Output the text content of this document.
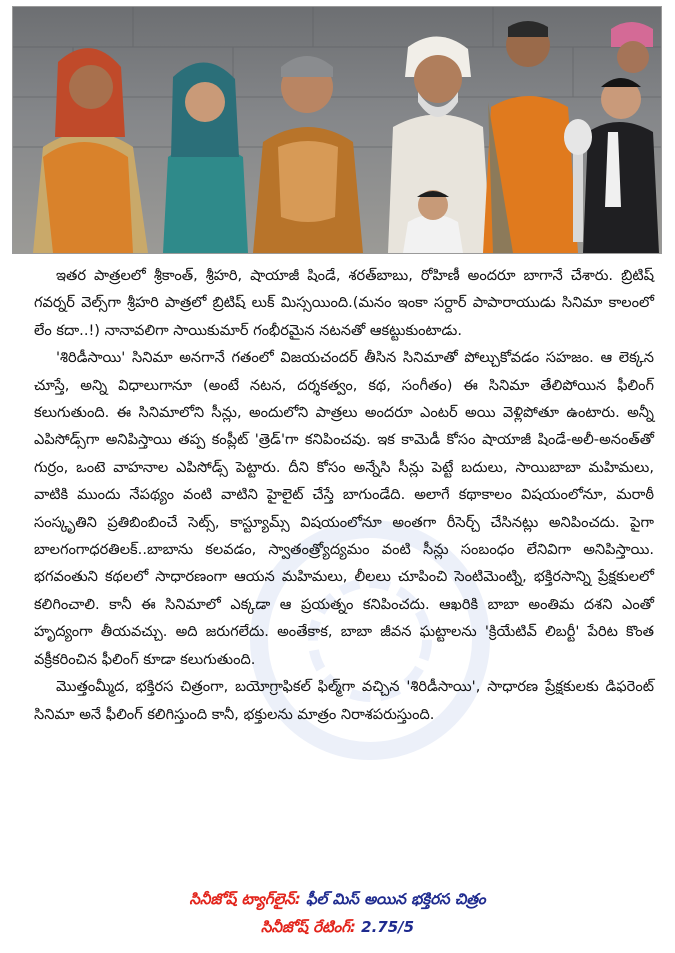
ఇతర పాత్రలలో శ్రీకాంత్, శ్రీహరి, షాయాజీ షిండే, శరత్‌బాబు, రోహిణీ అందరూ బాగానే చేశారు. బ్రిటిష్ గవర్నర్ వెల్స్‌గా శ్రీహరి పాత్రలో బ్రిటిష్ లుక్ మిస్సయింది.(మనం ఇంకా సర్దార్ పాపారాయుడు సినిమా కాలంలో లేం కదా..!) నానావలిగా సాయికుమార్ గంభీరమైన నటనతో ఆకట్టుకుంటాడు.

'శిరిడీసాయి' సినిమా అనగానే గతంలో విజయచందర్ తీసిన సినిమాతో పోల్చుకోవడం సహజం. ఆ లెక్కన చూస్తే, అన్ని విధాలుగానూ (అంటే నటన, దర్శకత్వం, కథ, సంగీతం) ఈ సినిమా తేలిపోయిన ఫీలింగ్ కలుగుతుంది. ఈ సినిమాలోని సీన్లు, అందులోని పాత్రలు అందరూ ఎంటర్ అయి వెళ్లిపోతూ ఉంటారు. అన్నీ ఎపిసోడ్స్‌గా అనిపిస్తాయి తప్ప కంప్లీట్ 'త్రెడ్'గా కనిపించవు. ఇక కామెడీ కోసం షాయాజీ షిండే-అలీ-అనంత్‌తో గుర్రం, ఒంటె వాహనాల ఎపిసోడ్స్ పెట్టారు. దీని కోసం అన్నేసి సీన్లు పెట్టే బదులు, సాయిబాబా మహిమలు, వాటికి ముందు నేపథ్యం వంటి వాటిని హైలైట్ చేస్తే బాగుండేది. అలాగే కథాకాలం విషయంలోనూ, మరాఠీ సంస్కృతిని ప్రతిబింబించే సెట్స్, కాస్ట్యూమ్స్ విషయంలోనూ అంతగా రీసెర్చ్ చేసినట్లు అనిపించదు. పైగా బాలగంగాధరతిలక్..బాబాను కలవడం, స్వాతంత్ర్యోద్యమం వంటి సీన్లు సంబంధం లేనివిగా అనిపిస్తాయి. భగవంతుని కథలలో సాధారణంగా ఆయన మహిమలు, లీలలు చూపించి సెంటిమెంట్ని, భక్తిరసాన్ని ప్రేక్షకులలో కలిగించాలి. కానీ ఈ సినిమాలో ఎక్కడా ఆ ప్రయత్నం కనిపించదు. ఆఖరికి బాబా అంతిమ దశని ఎంతో హృద్యంగా తీయవచ్చు. అది జరుగలేదు. అంతేకాక, బాబా జీవన ఘట్టాలను 'క్రియేటివ్ లిబర్టీ' పేరిట కొంత వక్రీకరించిన ఫీలింగ్ కూడా కలుగుతుంది.

మొత్తంమ్మీద, భక్తిరస చిత్రంగా, బయోగ్రాఫికల్ ఫిల్మ్‌గా వచ్చిన 'శిరిడీసాయి', సాధారణ ప్రేక్షకులకు డిఫరెంట్ సినిమా అనే ఫీలింగ్ కలిగిస్తుంది కానీ, భక్తులను మాత్రం నిరాశపరుస్తుంది.

సినీజోష్ ట్యాగ్‌లైన్: ఫీల్ మిస్ అయిన భక్తిరస చిత్రం
సినీజోష్ రేటింగ్: 2.75/5
